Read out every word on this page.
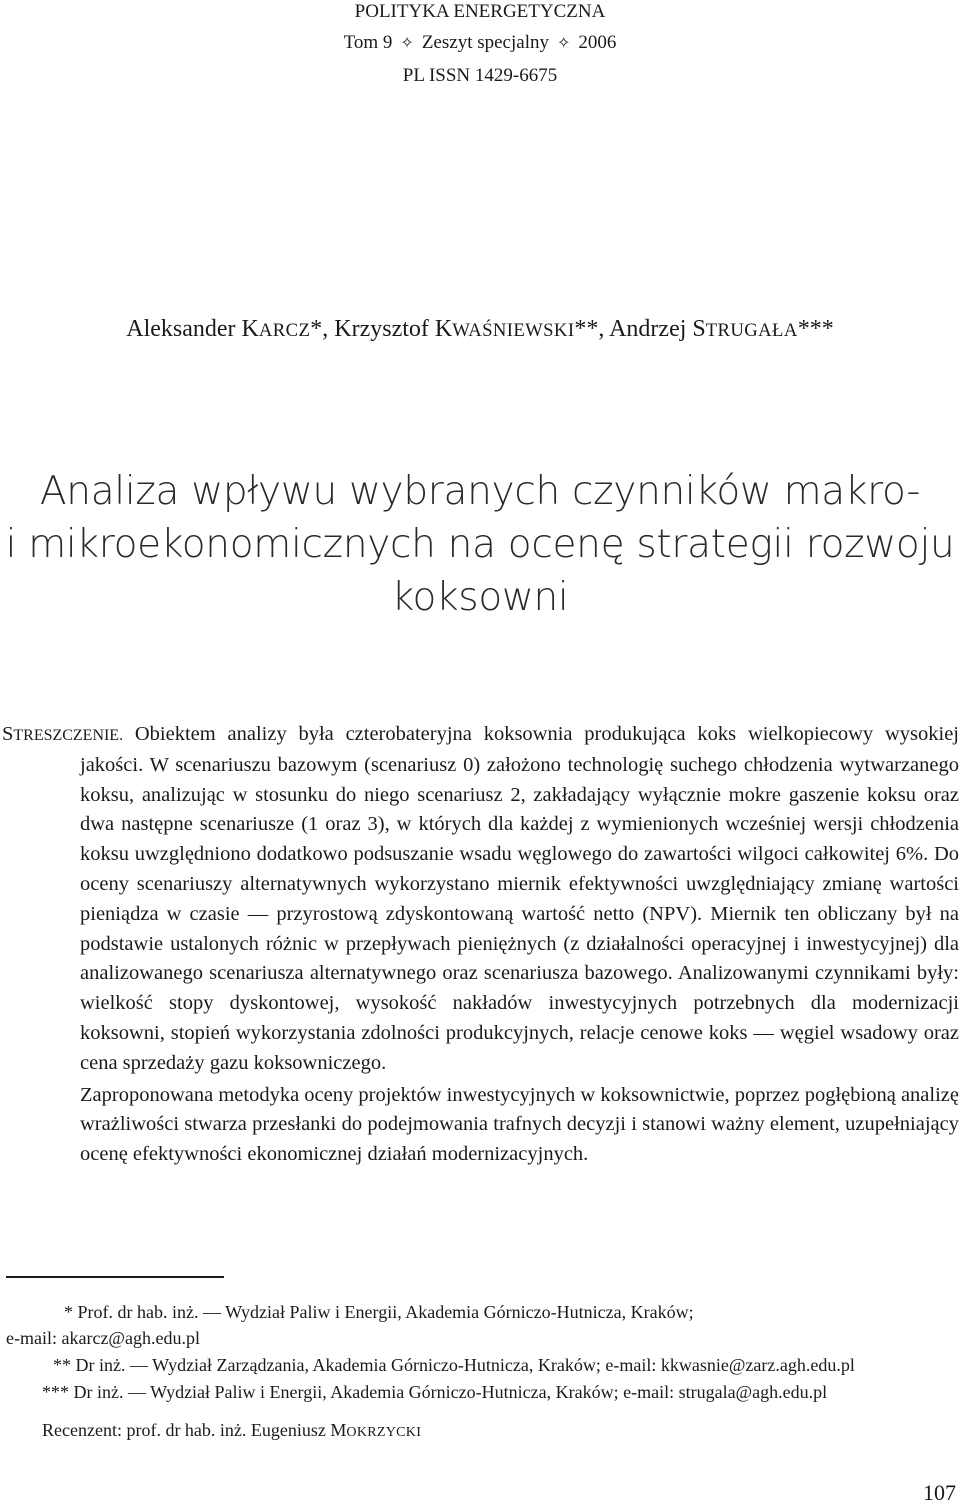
POLITYKA ENERGETYCZNA
Tom 9 ✧ Zeszyt specjalny ✧ 2006
PL ISSN 1429-6675
Aleksander KARCZ*, Krzysztof KWAŚNIEWSKI**, Andrzej STRUGAŁA***
Analiza wpływu wybranych czynników makro-
i mikroekonomicznych na ocenę strategii rozwoju
koksowni

STRESZCZENIE. Obiektem analizy była czterobateryjna koksownia produkująca koks wielkopiecowy wysokiej jakości. W scenariuszu bazowym (scenariusz 0) założono technologię suchego chłodzenia wytwarzanego koksu, analizując w stosunku do niego scenariusz 2, zakładający wyłącznie mokre gaszenie koksu oraz dwa następne scenariusze (1 oraz 3), w których dla każdej z wymienionych wcześniej wersji chłodzenia koksu uwzględniono dodatkowo podsuszanie wsadu węglowego do zawartości wilgoci całkowitej 6%. Do oceny scenariuszy alternatywnych wykorzystano miernik efektywności uwzględniający zmianę wartości pieniądza w czasie — przyrostową zdyskontowaną wartość netto (NPV). Miernik ten obliczany był na podstawie ustalonych różnic w przepływach pieniężnych (z działalności operacyjnej i inwestycyjnej) dla analizowanego scenariusza alternatywnego oraz scenariusza bazowego. Analizowanymi czynnikami były: wielkość stopy dyskontowej, wysokość nakładów inwestycyjnych potrzebnych dla modernizacji koksowni, stopień wykorzystania zdolności produkcyjnych, relacje cenowe koks — węgiel wsadowy oraz cena sprzedaży gazu koksowniczego.

Zaproponowana metodyka oceny projektów inwestycyjnych w koksownictwie, poprzez pogłębioną analizę wrażliwości stwarza przesłanki do podejmowania trafnych decyzji i stanowi ważny element, uzupełniający ocenę efektywności ekonomicznej działań modernizacyjnych.

* Prof. dr hab. inż. — Wydział Paliw i Energii, Akademia Górniczo-Hutnicza, Kraków;
e-mail: akarcz@agh.edu.pl
** Dr inż. — Wydział Zarządzania, Akademia Górniczo-Hutnicza, Kraków; e-mail: kkwasnie@zarz.agh.edu.pl
*** Dr inż. — Wydział Paliw i Energii, Akademia Górniczo-Hutnicza, Kraków; e-mail: strugala@agh.edu.pl
Recenzent: prof. dr hab. inż. Eugeniusz MOKRZYCKI
107
